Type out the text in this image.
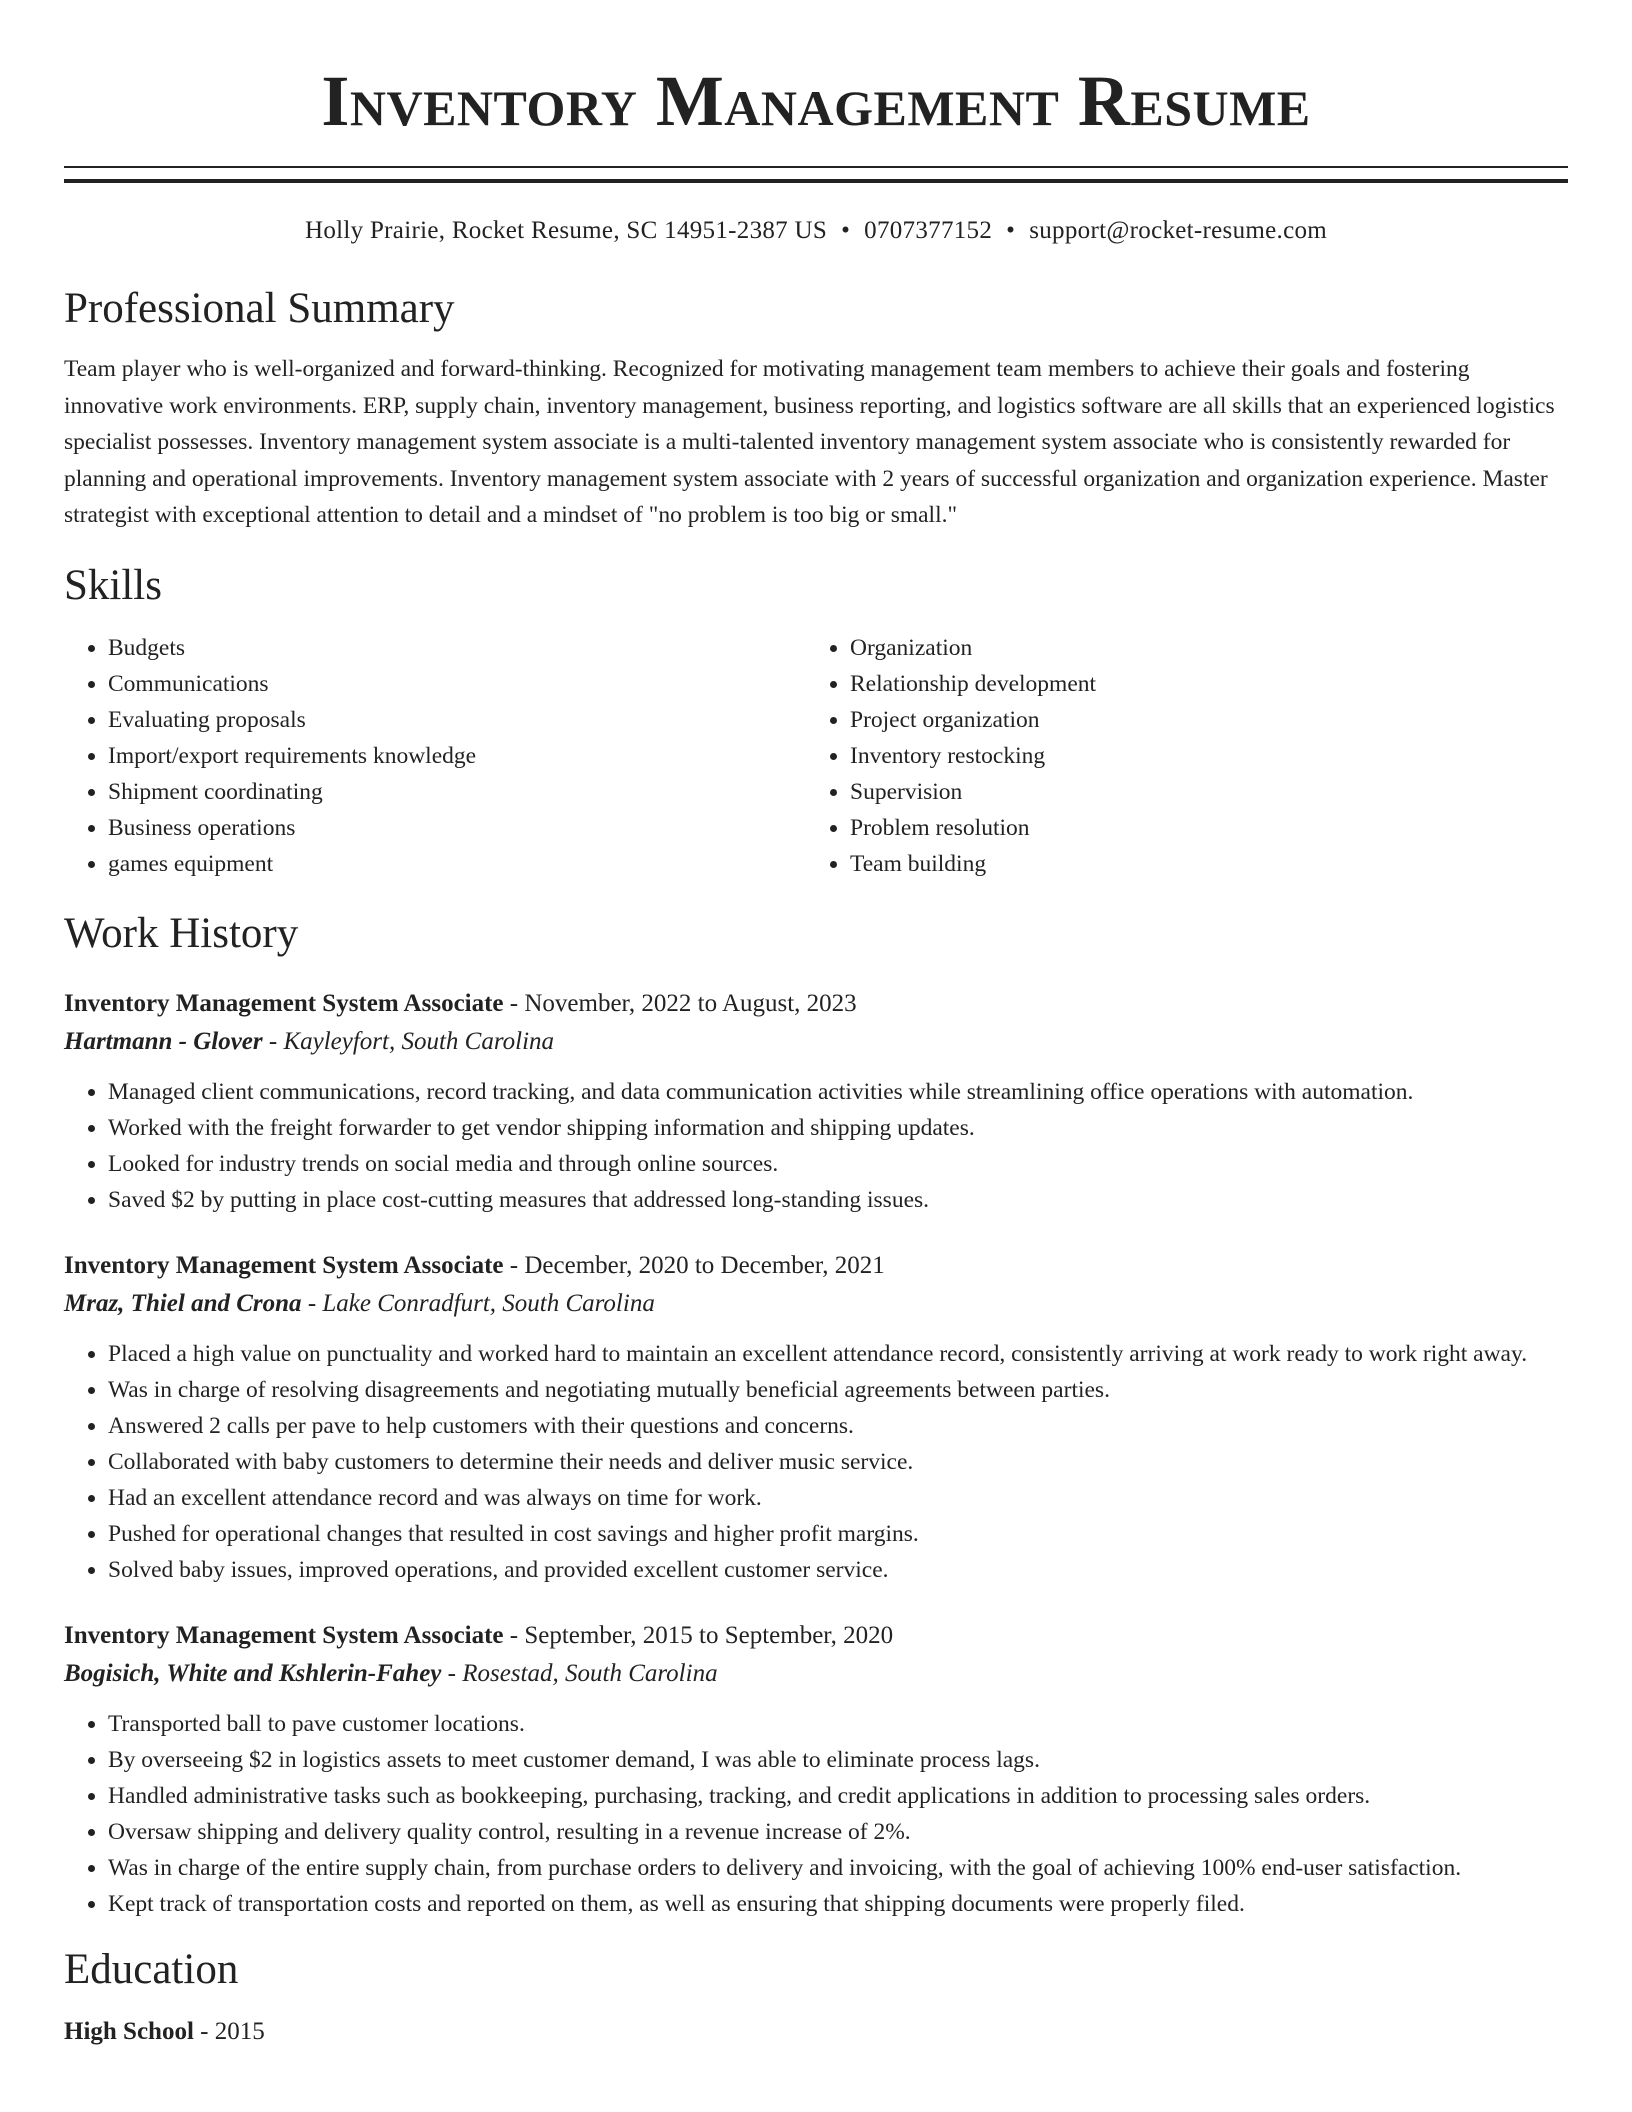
Inventory Management Resume
Holly Prairie, Rocket Resume, SC 14951-2387 US • 0707377152 • support@rocket-resume.com
Professional Summary

Team player who is well-organized and forward-thinking. Recognized for motivating management team members to achieve their goals and fostering innovative work environments. ERP, supply chain, inventory management, business reporting, and logistics software are all skills that an experienced logistics specialist possesses. Inventory management system associate is a multi-talented inventory management system associate who is consistently rewarded for planning and operational improvements. Inventory management system associate with 2 years of successful organization and organization experience. Master strategist with exceptional attention to detail and a mindset of "no problem is too big or small."

Skills
• Budgets
• Communications
• Evaluating proposals
• Import/export requirements knowledge
• Shipment coordinating
• Business operations
• games equipment
• Organization
• Relationship development
• Project organization
• Inventory restocking
• Supervision
• Problem resolution
• Team building
Work History
Inventory Management System Associate - November, 2022 to August, 2023
Hartmann - Glover - Kayleyfort, South Carolina
• Managed client communications, record tracking, and data communication activities while streamlining office operations with automation.
• Worked with the freight forwarder to get vendor shipping information and shipping updates.
• Looked for industry trends on social media and through online sources.
• Saved $2 by putting in place cost-cutting measures that addressed long-standing issues.
Inventory Management System Associate - December, 2020 to December, 2021
Mraz, Thiel and Crona - Lake Conradfurt, South Carolina
• Placed a high value on punctuality and worked hard to maintain an excellent attendance record, consistently arriving at work ready to work right away.
• Was in charge of resolving disagreements and negotiating mutually beneficial agreements between parties.
• Answered 2 calls per pave to help customers with their questions and concerns.
• Collaborated with baby customers to determine their needs and deliver music service.
• Had an excellent attendance record and was always on time for work.
• Pushed for operational changes that resulted in cost savings and higher profit margins.
• Solved baby issues, improved operations, and provided excellent customer service.
Inventory Management System Associate - September, 2015 to September, 2020
Bogisich, White and Kshlerin-Fahey - Rosestad, South Carolina
• Transported ball to pave customer locations.
• By overseeing $2 in logistics assets to meet customer demand, I was able to eliminate process lags.
• Handled administrative tasks such as bookkeeping, purchasing, tracking, and credit applications in addition to processing sales orders.
• Oversaw shipping and delivery quality control, resulting in a revenue increase of 2%.
• Was in charge of the entire supply chain, from purchase orders to delivery and invoicing, with the goal of achieving 100% end-user satisfaction.
• Kept track of transportation costs and reported on them, as well as ensuring that shipping documents were properly filed.
Education
High School - 2015
